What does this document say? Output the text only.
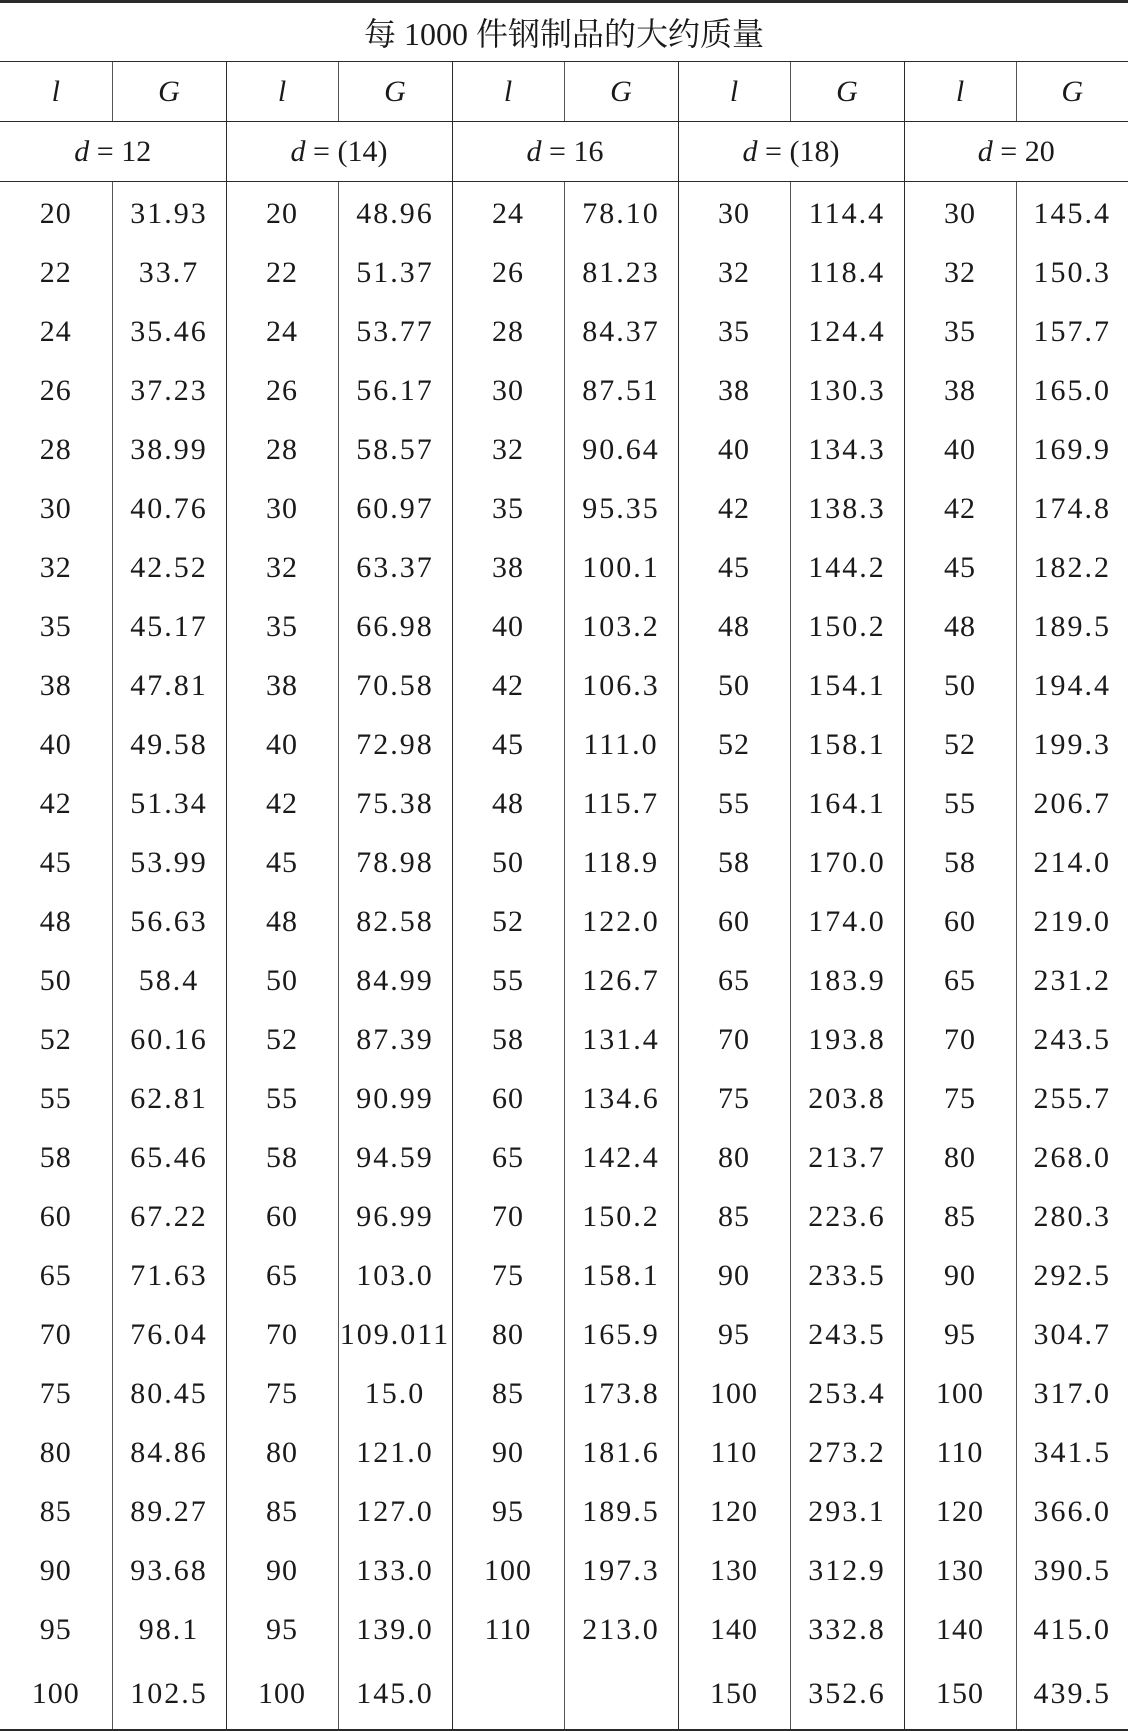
每 1000 件钢制品的大约质量									
l	G	l	G	l	G	l	G	l	G
d = 12		d = (14)		d = 16		d = (18)		d = 20	
20	31.93	20	48.96	24	78.10	30	114.4	30	145.4
22	33.7	22	51.37	26	81.23	32	118.4	32	150.3
24	35.46	24	53.77	28	84.37	35	124.4	35	157.7
26	37.23	26	56.17	30	87.51	38	130.3	38	165.0
28	38.99	28	58.57	32	90.64	40	134.3	40	169.9
30	40.76	30	60.97	35	95.35	42	138.3	42	174.8
32	42.52	32	63.37	38	100.1	45	144.2	45	182.2
35	45.17	35	66.98	40	103.2	48	150.2	48	189.5
38	47.81	38	70.58	42	106.3	50	154.1	50	194.4
40	49.58	40	72.98	45	111.0	52	158.1	52	199.3
42	51.34	42	75.38	48	115.7	55	164.1	55	206.7
45	53.99	45	78.98	50	118.9	58	170.0	58	214.0
48	56.63	48	82.58	52	122.0	60	174.0	60	219.0
50	58.4	50	84.99	55	126.7	65	183.9	65	231.2
52	60.16	52	87.39	58	131.4	70	193.8	70	243.5
55	62.81	55	90.99	60	134.6	75	203.8	75	255.7
58	65.46	58	94.59	65	142.4	80	213.7	80	268.0
60	67.22	60	96.99	70	150.2	85	223.6	85	280.3
65	71.63	65	103.0	75	158.1	90	233.5	90	292.5
70	76.04	70	109.011	80	165.9	95	243.5	95	304.7
75	80.45	75	15.0	85	173.8	100	253.4	100	317.0
80	84.86	80	121.0	90	181.6	110	273.2	110	341.5
85	89.27	85	127.0	95	189.5	120	293.1	120	366.0
90	93.68	90	133.0	100	197.3	130	312.9	130	390.5
95	98.1	95	139.0	110	213.0	140	332.8	140	415.0
100	102.5	100	145.0			150	352.6	150	439.5
